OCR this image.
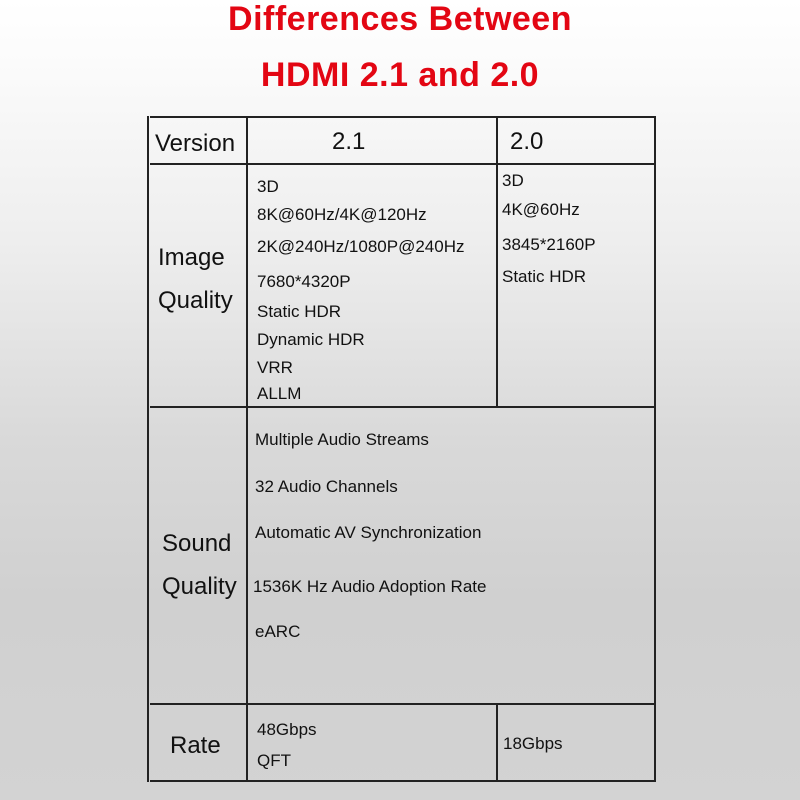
Differences Between
HDMI 2.1 and 2.0
Version	2.1	2.0
Image
Quality
3D
8K@60Hz/4K@120Hz
2K@240Hz/1080P@240Hz
7680*4320P
Static HDR
Dynamic HDR
VRR
ALLM
3D
4K@60Hz
3845*2160P
Static HDR
Sound
Quality
Multiple Audio Streams
32 Audio Channels
Automatic AV Synchronization
1536K Hz Audio Adoption Rate
eARC
Rate
48Gbps
QFT
18Gbps
